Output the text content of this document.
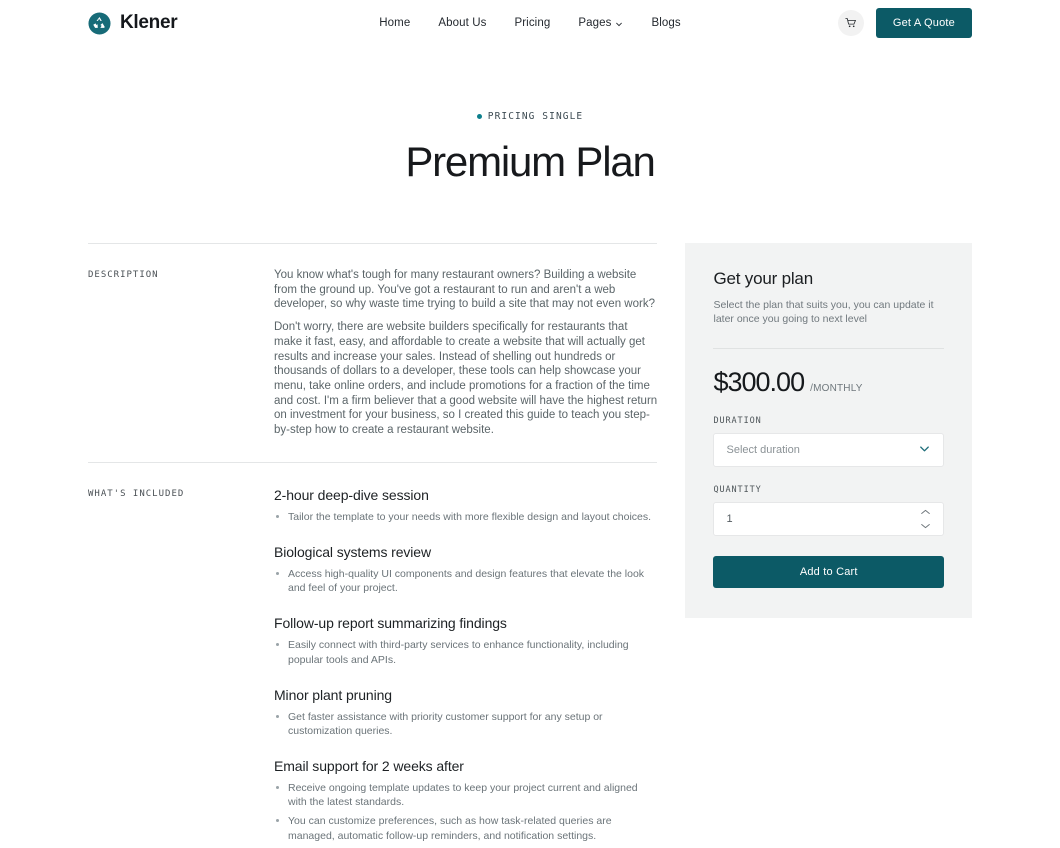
Klener	Home About Us Pricing Pages	Blogs	Get A Quote
PRICING SINGLE
Premium Plan
DESCRIPTION	You know what's tough for many restaurant owners? Building a website from the ground up. You've got a restaurant to run and aren't a web developer, so why waste time trying to build a site that may not even work?

Don't worry, there are website builders specifically for restaurants that make it fast, easy, and affordable to create a website that will actually get results and increase your sales. Instead of shelling out hundreds or thousands of dollars to a developer, these tools can help showcase your menu, take online orders, and include promotions for a fraction of the time and cost. I'm a firm believer that a good website will have the highest return on investment for your business, so I created this guide to teach you step-by-step how to create a restaurant website.

WHAT'S INCLUDED	2-hour deep-dive session
Tailor the template to your needs with more flexible design and layout choices.
Biological systems review
Access high-quality UI components and design features that elevate the look and feel of your project.
Follow-up report summarizing findings
Easily connect with third-party services to enhance functionality, including popular tools and APIs.
Minor plant pruning
Get faster assistance with priority customer support for any setup or customization queries.
Email support for 2 weeks after
Receive ongoing template updates to keep your project current and aligned with the latest standards.
You can customize preferences, such as how task-related queries are managed, automatic follow-up reminders, and notification settings.
Get your plan
Select the plan that suits you, you can update it later once you going to next level
$300.00 /MONTHLY
DURATION
Select duration
QUANTITY
1
Add to Cart
